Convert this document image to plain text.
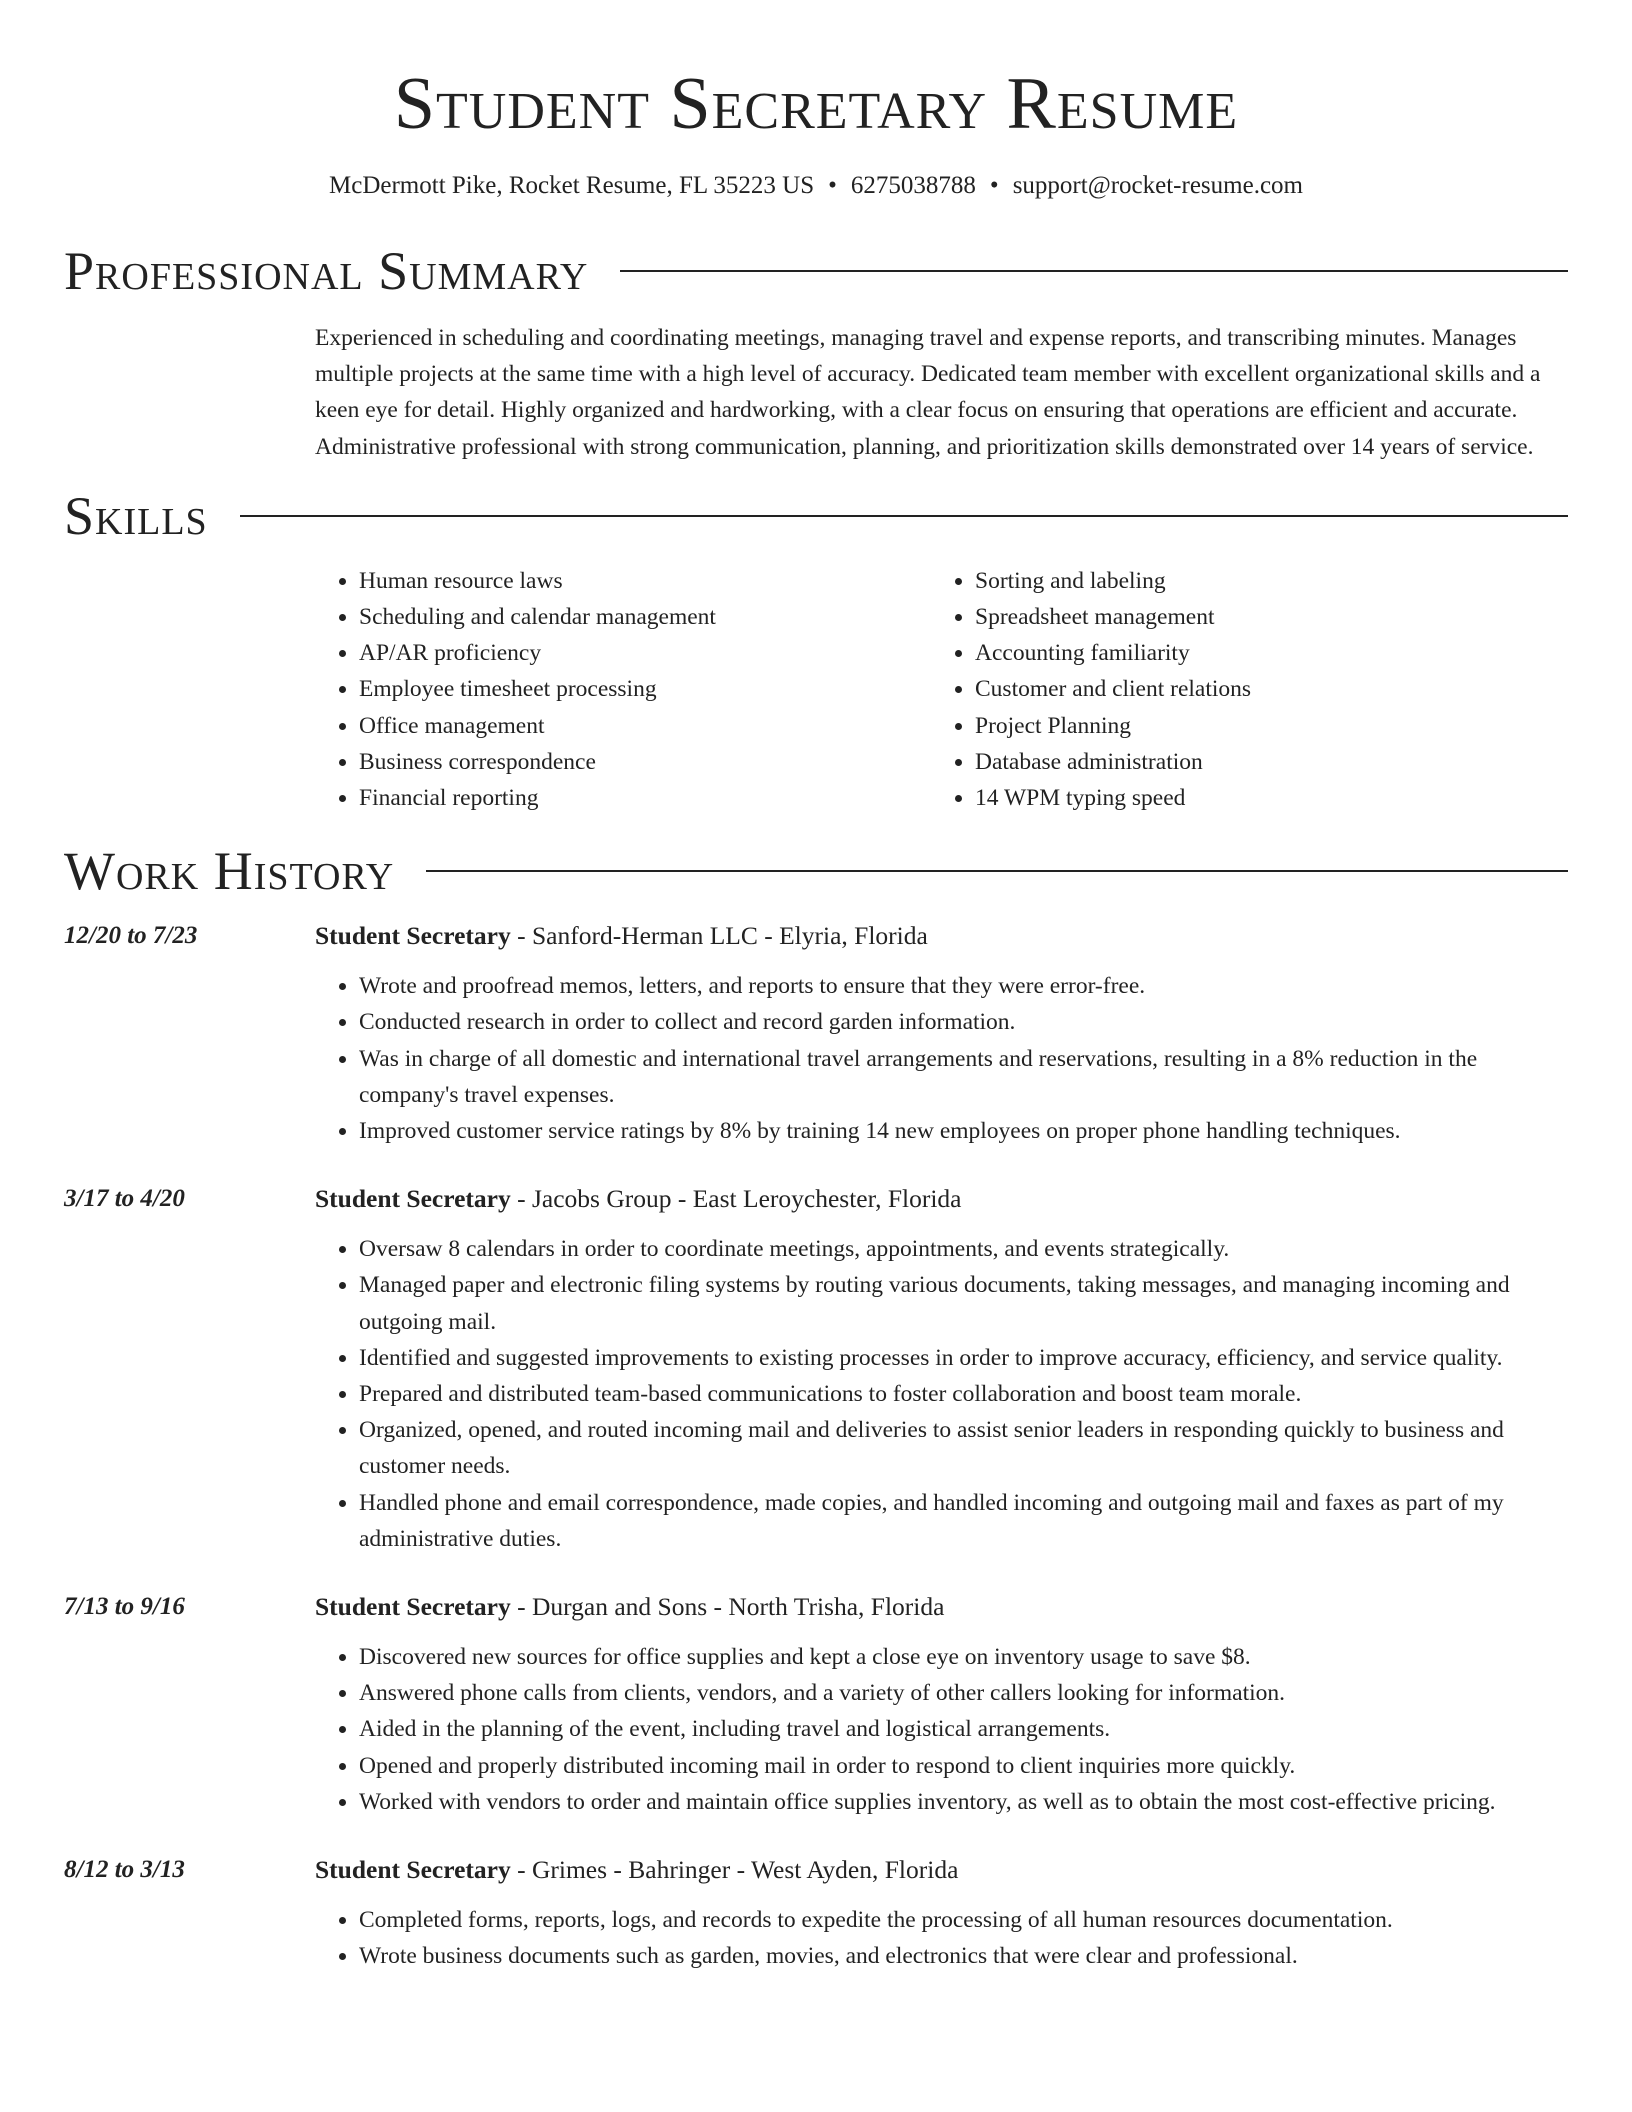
Student Secretary Resume
McDermott Pike, Rocket Resume, FL 35223 US • 6275038788 • support@rocket-resume.com
Professional Summary

Experienced in scheduling and coordinating meetings, managing travel and expense reports, and transcribing minutes. Manages multiple projects at the same time with a high level of accuracy. Dedicated team member with excellent organizational skills and a keen eye for detail. Highly organized and hardworking, with a clear focus on ensuring that operations are efficient and accurate. Administrative professional with strong communication, planning, and prioritization skills demonstrated over 14 years of service.

Skills
• Human resource laws
• Scheduling and calendar management
• AP/AR proficiency
• Employee timesheet processing
• Office management
• Business correspondence
• Financial reporting
• Sorting and labeling
• Spreadsheet management
• Accounting familiarity
• Customer and client relations
• Project Planning
• Database administration
• 14 WPM typing speed
Work History
12/20 to 7/23	Student Secretary - Sanford-Herman LLC - Elyria, Florida
• Wrote and proofread memos, letters, and reports to ensure that they were error-free.
• Conducted research in order to collect and record garden information.
• Was in charge of all domestic and international travel arrangements and reservations, resulting in a 8% reduction in the company's travel expenses.
• Improved customer service ratings by 8% by training 14 new employees on proper phone handling techniques.
3/17 to 4/20	Student Secretary - Jacobs Group - East Leroychester, Florida
• Oversaw 8 calendars in order to coordinate meetings, appointments, and events strategically.
• Managed paper and electronic filing systems by routing various documents, taking messages, and managing incoming and outgoing mail.
• Identified and suggested improvements to existing processes in order to improve accuracy, efficiency, and service quality.
• Prepared and distributed team-based communications to foster collaboration and boost team morale.
• Organized, opened, and routed incoming mail and deliveries to assist senior leaders in responding quickly to business and customer needs.
• Handled phone and email correspondence, made copies, and handled incoming and outgoing mail and faxes as part of my administrative duties.
7/13 to 9/16	Student Secretary - Durgan and Sons - North Trisha, Florida
• Discovered new sources for office supplies and kept a close eye on inventory usage to save $8.
• Answered phone calls from clients, vendors, and a variety of other callers looking for information.
• Aided in the planning of the event, including travel and logistical arrangements.
• Opened and properly distributed incoming mail in order to respond to client inquiries more quickly.
• Worked with vendors to order and maintain office supplies inventory, as well as to obtain the most cost-effective pricing.
8/12 to 3/13	Student Secretary - Grimes - Bahringer - West Ayden, Florida
• Completed forms, reports, logs, and records to expedite the processing of all human resources documentation.
• Wrote business documents such as garden, movies, and electronics that were clear and professional.
